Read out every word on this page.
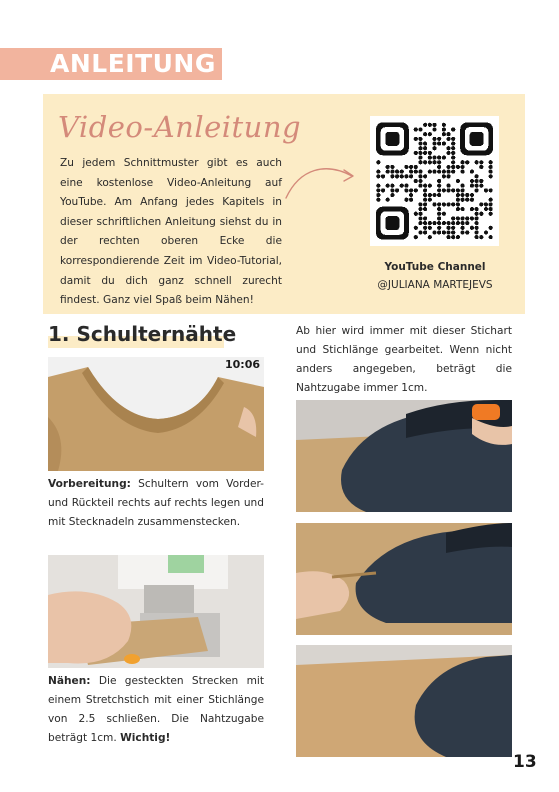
ANLEITUNG
Video-Anleitung
Zu jedem Schnittmuster gibt es auch eine kostenlose Video-Anleitung auf YouTube. Am Anfang jedes Kapitels in dieser schriftlichen Anleitung siehst du in der rechten oberen Ecke die korrespondierende Zeit im Video-Tutorial, damit du dich ganz schnell zurecht findest. Ganz viel Spaß beim Nähen!
YouTube Channel
@JULIANA MARTEJEVS
1. Schulternähte
10:06
Vorbereitung: Schultern vom Vorder- und Rückteil rechts auf rechts legen und mit Stecknadeln zusammenstecken.
Nähen: Die gesteckten Strecken mit einem Stretchstich mit einer Stichlänge von 2.5 schließen. Die Nahtzugabe beträgt 1cm. Wichtig!
Ab hier wird immer mit dieser Stichart und Stichlänge gearbeitet. Wenn nicht anders angegeben, beträgt die Nahtzugabe immer 1cm.
13
